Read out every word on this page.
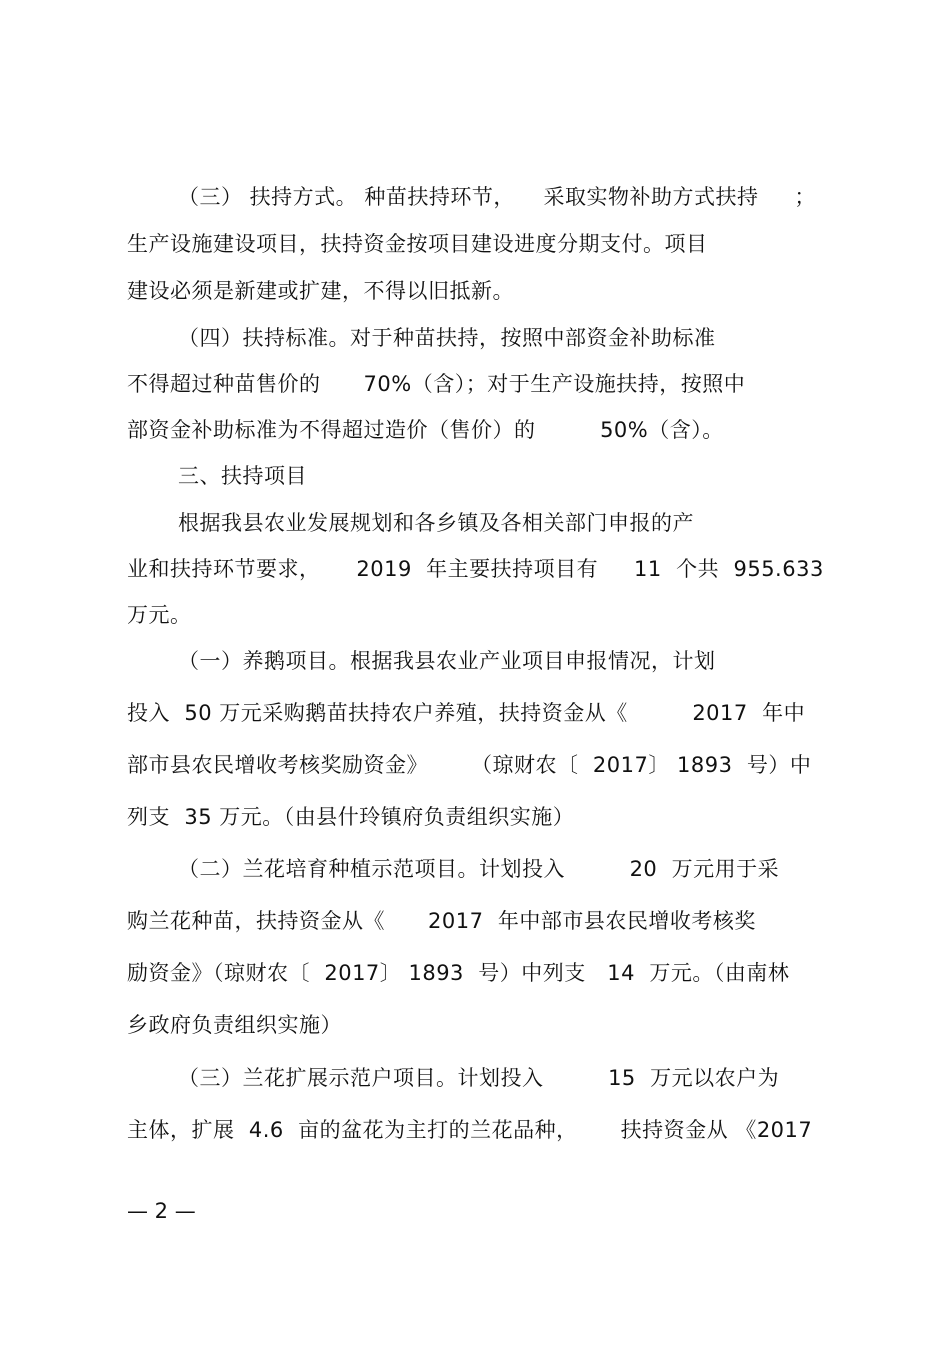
（三） 扶持方式。 种苗扶持环节，    采取实物补助方式扶持     ；
生产设施建设项目，扶持资金按项目建设进度分期支付。项目
建设必须是新建或扩建，不得以旧抵新。
（四）扶持标准。对于种苗扶持，按照中部资金补助标准
不得超过种苗售价的      70%（含）；对于生产设施扶持，按照中
部资金补助标准为不得超过造价（售价）的         50%（含）。
三、扶持项目
根据我县农业发展规划和各乡镇及各相关部门申报的产
业和扶持环节要求，     2019  年主要扶持项目有     11  个共  955.633
万元。
（一）养鹅项目。根据我县农业产业项目申报情况，计划
投入  50 万元采购鹅苗扶持农户养殖，扶持资金从《         2017  年中
部市县农民增收考核奖励资金》      （琼财农〔  2017〕 1893  号）中
列支  35 万元。（由县什玲镇府负责组织实施）
（二）兰花培育种植示范项目。计划投入         20  万元用于采
购兰花种苗，扶持资金从《      2017  年中部市县农民增收考核奖
励资金》（琼财农〔  2017〕 1893  号）中列支   14  万元。（由南林
乡政府负责组织实施）
（三）兰花扩展示范户项目。计划投入         15  万元以农户为
主体，扩展  4.6  亩的盆花为主打的兰花品种，      扶持资金从 《2017
— 2 —
